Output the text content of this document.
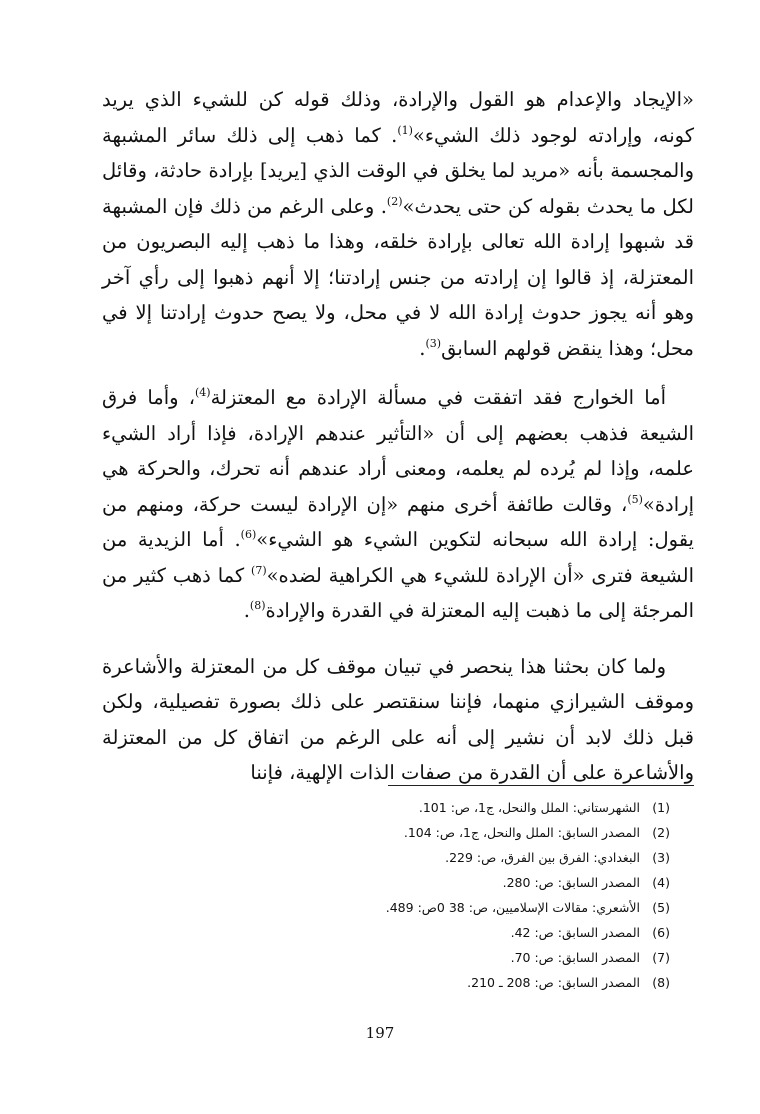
«الإيجاد والإعدام هو القول والإرادة، وذلك قوله كن للشيء الذي يريد كونه، وإرادته لوجود ذلك الشيء»$^{(1)}$. كما ذهب إلى ذلك سائر المشبهة والمجسمة بأنه «مريد لما يخلق في الوقت الذي [يريد] بإرادة حادثة، وقائل لكل ما يحدث بقوله كن حتى يحدث»$^{(2)}$. وعلى الرغم من ذلك فإن المشبهة قد شبهوا إرادة الله تعالى بإرادة خلقه، وهذا ما ذهب إليه البصريون من المعتزلة، إذ قالوا إن إرادته من جنس إرادتنا؛ إلا أنهم ذهبوا إلى رأي آخر وهو أنه يجوز حدوث إرادة الله لا في محل، ولا يصح حدوث إرادتنا إلا في محل؛ وهذا ينقض قولهم السابق$^{(3)}$.

أما الخوارج فقد اتفقت في مسألة الإرادة مع المعتزلة$^{(4)}$، وأما فرق الشيعة فذهب بعضهم إلى أن «التأثير عندهم الإرادة، فإذا أراد الشيء علمه، وإذا لم يُرده لم يعلمه، ومعنى أراد عندهم أنه تحرك، والحركة هي إرادة»$^{(5)}$، وقالت طائفة أخرى منهم «إن الإرادة ليست حركة، ومنهم من يقول: إرادة الله سبحانه لتكوين الشيء هو الشيء»$^{(6)}$. أما الزيدية من الشيعة فترى «أن الإرادة للشيء هي الكراهية لضده»$^{(7)}$ كما ذهب كثير من المرجئة إلى ما ذهبت إليه المعتزلة في القدرة والإرادة$^{(8)}$.

ولما كان بحثنا هذا ينحصر في تبيان موقف كل من المعتزلة والأشاعرة وموقف الشيرازي منهما، فإننا سنقتصر على ذلك بصورة تفصيلية، ولكن قبل ذلك لابد أن نشير إلى أنه على الرغم من اتفاق كل من المعتزلة والأشاعرة على أن القدرة من صفات الذات الإلهية، فإننا

(1) الشهرستاني: الملل والنحل، ج1، ص: 101.
(2) المصدر السابق: الملل والنحل، ج1، ص: 104.
(3) البغدادي: الفرق بين الفرق، ص: 229.
(4) المصدر السابق: ص: 280.
(5) الأشعري: مقالات الإسلاميين، ص: 38 0ص: 489.
(6) المصدر السابق: ص: 42.
(7) المصدر السابق: ص: 70.
(8) المصدر السابق: ص: 208 ـ 210.
197
